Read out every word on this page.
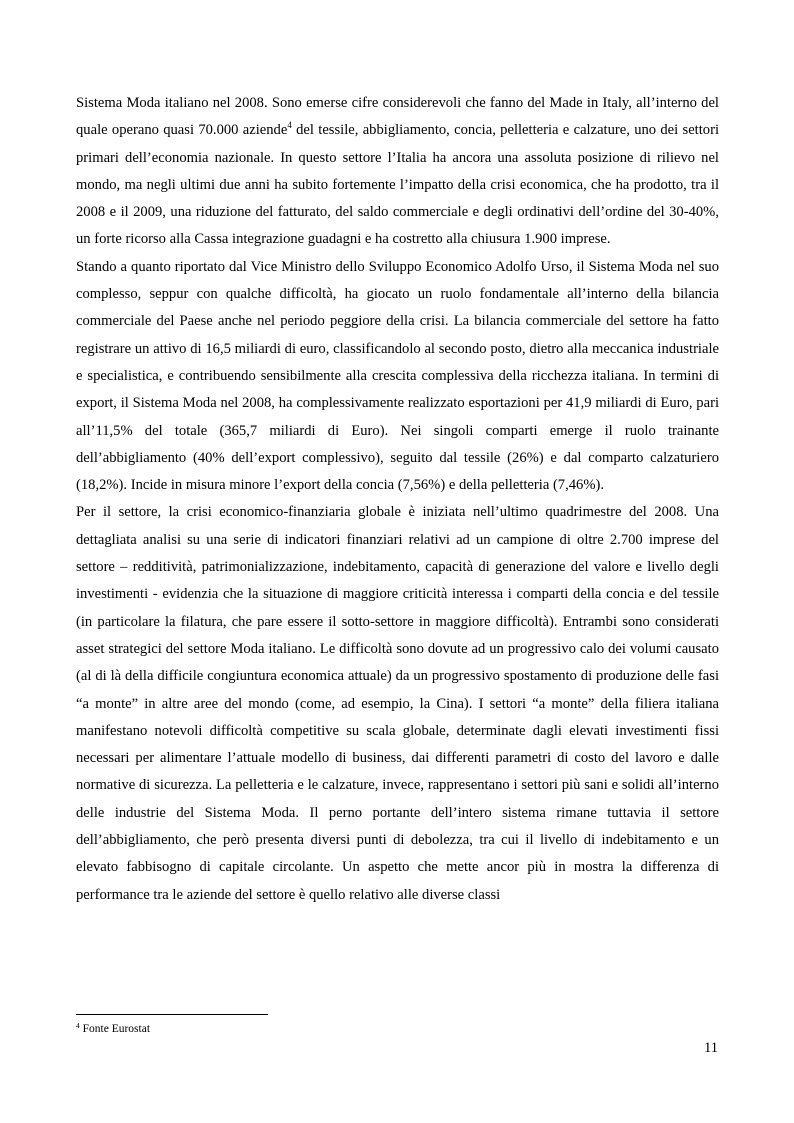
Sistema Moda italiano nel 2008. Sono emerse cifre considerevoli che fanno del Made in Italy, all’interno del quale operano quasi 70.000 aziende$^4$ del tessile, abbigliamento, concia, pelletteria e calzature, uno dei settori primari dell’economia nazionale. In questo settore l’Italia ha ancora una assoluta posizione di rilievo nel mondo, ma negli ultimi due anni ha subito fortemente l’impatto della crisi economica, che ha prodotto, tra il 2008 e il 2009, una riduzione del fatturato, del saldo commerciale e degli ordinativi dell’ordine del 30-40%, un forte ricorso alla Cassa integrazione guadagni e ha costretto alla chiusura 1.900 imprese.

Stando a quanto riportato dal Vice Ministro dello Sviluppo Economico Adolfo Urso, il Sistema Moda nel suo complesso, seppur con qualche difficoltà, ha giocato un ruolo fondamentale all’interno della bilancia commerciale del Paese anche nel periodo peggiore della crisi. La bilancia commerciale del settore ha fatto registrare un attivo di 16,5 miliardi di euro, classificandolo al secondo posto, dietro alla meccanica industriale e specialistica, e contribuendo sensibilmente alla crescita complessiva della ricchezza italiana. In termini di export, il Sistema Moda nel 2008, ha complessivamente realizzato esportazioni per 41,9 miliardi di Euro, pari all’11,5% del totale (365,7 miliardi di Euro). Nei singoli comparti emerge il ruolo trainante dell’abbigliamento (40% dell’export complessivo), seguito dal tessile (26%) e dal comparto calzaturiero (18,2%). Incide in misura minore l’export della concia (7,56%) e della pelletteria (7,46%).

Per il settore, la crisi economico-finanziaria globale è iniziata nell’ultimo quadrimestre del 2008. Una dettagliata analisi su una serie di indicatori finanziari relativi ad un campione di oltre 2.700 imprese del settore – redditività, patrimonializzazione, indebitamento, capacità di generazione del valore e livello degli investimenti - evidenzia che la situazione di maggiore criticità interessa i comparti della concia e del tessile (in particolare la filatura, che pare essere il sotto-settore in maggiore difficoltà). Entrambi sono considerati asset strategici del settore Moda italiano. Le difficoltà sono dovute ad un progressivo calo dei volumi causato (al di là della difficile congiuntura economica attuale) da un progressivo spostamento di produzione delle fasi “a monte” in altre aree del mondo (come, ad esempio, la Cina). I settori “a monte” della filiera italiana manifestano notevoli difficoltà competitive su scala globale, determinate dagli elevati investimenti fissi necessari per alimentare l’attuale modello di business, dai differenti parametri di costo del lavoro e dalle normative di sicurezza. La pelletteria e le calzature, invece, rappresentano i settori più sani e solidi all’interno delle industrie del Sistema Moda. Il perno portante dell’intero sistema rimane tuttavia il settore dell’abbigliamento, che però presenta diversi punti di debolezza, tra cui il livello di indebitamento e un elevato fabbisogno di capitale circolante. Un aspetto che mette ancor più in mostra la differenza di performance tra le aziende del settore è quello relativo alle diverse classi

$^4$ Fonte Eurostat
11
